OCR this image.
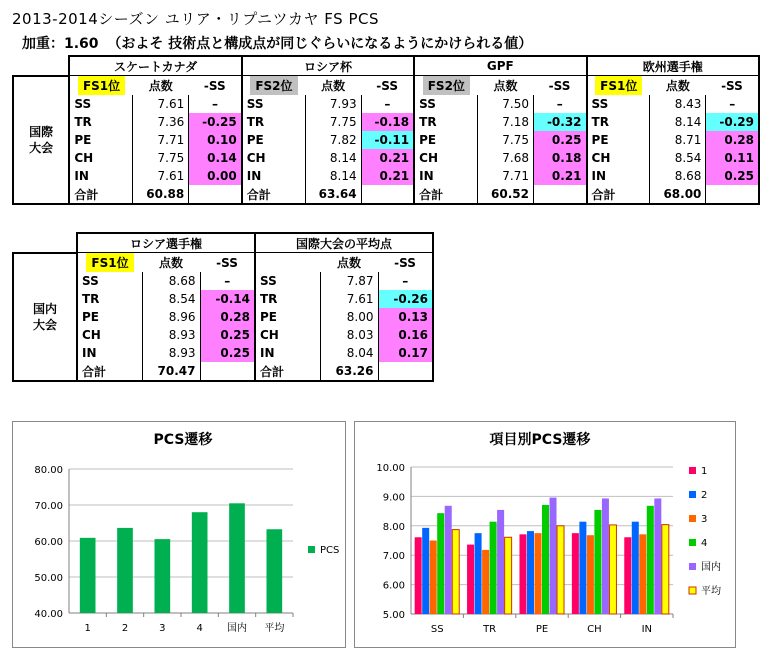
2013-2014シーズン ユリア・リプニツカヤ FS PCS
加重：1.60 （およそ 技術点と構成点が同じぐらいになるようにかけられる値）
	スケートカナダ			ロシア杯			GPF			欧州選手権		
国際
大会	FS1位	点数	-SS	FS2位	点数	-SS	FS2位	点数	-SS	FS1位	点数	-SS
	SS	7.61	–	SS	7.93	–	SS	7.50	–	SS	8.43	–
	TR	7.36	-0.25	TR	7.75	-0.18	TR	7.18	-0.32	TR	8.14	-0.29
	PE	7.71	0.10	PE	7.82	-0.11	PE	7.75	0.25	PE	8.71	0.28
	CH	7.75	0.14	CH	8.14	0.21	CH	7.68	0.18	CH	8.54	0.11
	IN	7.61	0.00	IN	8.14	0.21	IN	7.71	0.21	IN	8.68	0.25
	合計	60.88		合計	63.64		合計	60.52		合計	68.00	
	ロシア選手権			国際大会の平均点		
国内
大会	FS1位	点数	-SS		点数	-SS
	SS	8.68	–	SS	7.87	–
	TR	8.54	-0.14	TR	7.61	-0.26
	PE	8.96	0.28	PE	8.00	0.13
	CH	8.93	0.25	CH	8.03	0.16
	IN	8.93	0.25	IN	8.04	0.17
	合計	70.47		合計	63.26	
PCS遷移
40.00
50.00
60.00
70.00
80.00
1	2	3	4 国内 平均
PCS
項目別PCS遷移
5.00
6.00
7.00
8.00
9.00
10.00
SS	TR	PE	CH	IN
1
2
3
4
国内
平均
